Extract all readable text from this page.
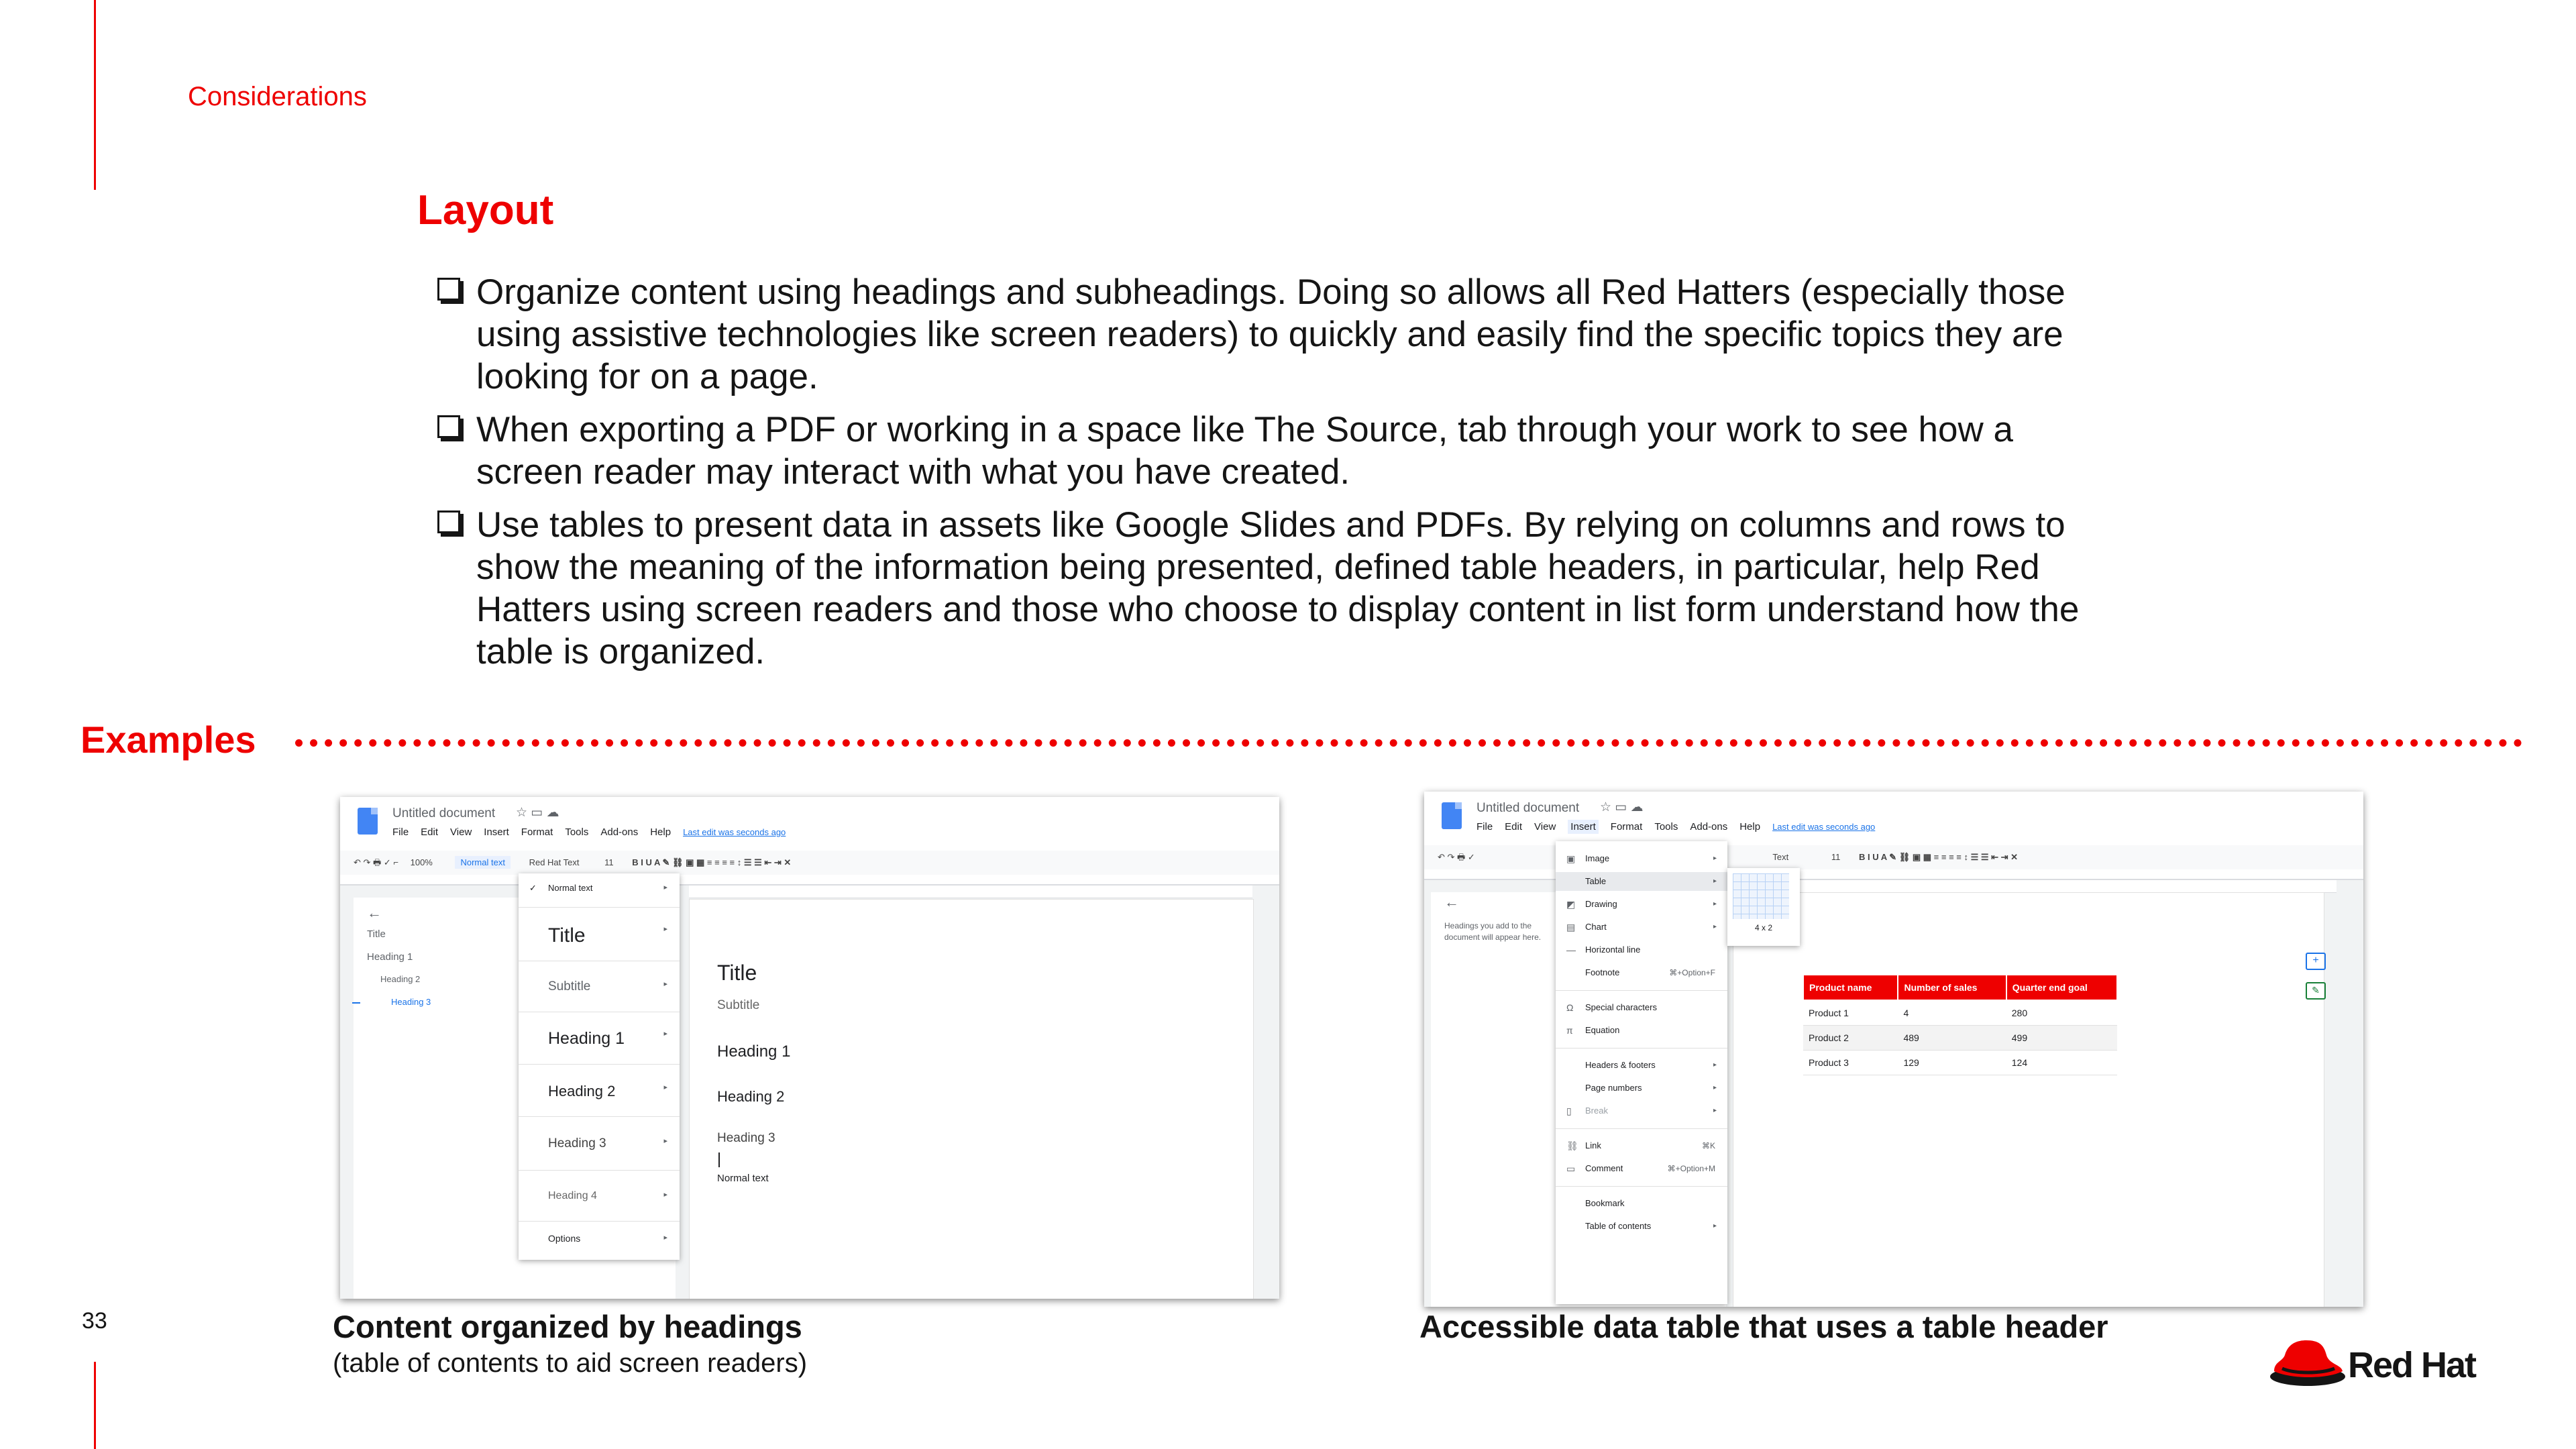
Considerations
Layout
Organize content using headings and subheadings. Doing so allows all Red Hatters (especially those using assistive technologies like screen readers) to quickly and easily find the specific topics they are looking for on a page.
When exporting a PDF or working in a space like The Source, tab through your work to see how a screen reader may interact with what you have created.
Use tables to present data in assets like Google Slides and PDFs. By relying on columns and rows to show the meaning of the information being presented, defined table headers, in particular, help Red Hatters using screen readers and those who choose to display content in list form understand how the table is organized.
Examples
Untitled document ☆ ▭ ☁
File Edit View Insert Format Tools Add-ons Help Last edit was seconds ago
↶ ↷ 🖶 ✓ ⌐ 100%	Normal text	Red Hat Text	11 B I U A ✎ ⛓ ▣ ▦ ≡ ≡ ≡ ≡ ↕ ☰ ☰ ⇤ ⇥ ✕
←
Title
Heading 1
Heading 2
Heading 3
✓ Normal text	▸
Title	▸
Subtitle	▸
Heading 1	▸
Heading 2	▸
Heading 3	▸
Heading 4	▸
Options	▸
Title
Subtitle
Heading 1
Heading 2
Heading 3
Normal text
Untitled document ☆ ▭ ☁
File Edit View Insert Format Tools Add-ons Help Last edit was seconds ago
↶ ↷ 🖶 ✓	Text	11 B I U A ✎ ⛓ ▣ ▦ ≡ ≡ ≡ ≡ ↕ ☰ ☰ ⇤ ⇥ ✕
←
Headings you add to the document will appear here.
Product name	Number of sales	Quarter end goal
Product 1	4	280
Product 2	489	499
Product 3	129	124
+
✎
▣ Image	▸
Table	▸
◩ Drawing	▸
▤ Chart	▸
— Horizontal line
Footnote	⌘+Option+F
Ω Special characters
π Equation
Headers & footers	▸
Page numbers	▸
▯ Break	▸
⛓ Link	⌘K
▭ Comment	⌘+Option+M
Bookmark
Table of contents	▸
4 x 2
Content organized by headings
(table of contents to aid screen readers)
Accessible data table that uses a table header
33
Red Hat
